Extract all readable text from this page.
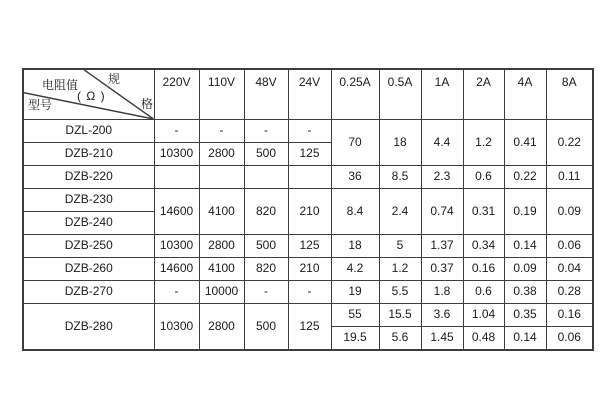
规
格
电阻值
( Ω )
型号	220V	110V	48V	24V	0.25A	0.5A	1A	2A	4A	8A
DZL-200	-	-	-	-	70	18	4.4	1.2	0.41	0.22
DZB-210	10300	2800	500	125						
DZB-220					36	8.5	2.3	0.6	0.22	0.11
DZB-230	14600	4100	820	210	8.4	2.4	0.74	0.31	0.19	0.09
DZB-240										
DZB-250	10300	2800	500	125	18	5	1.37	0.34	0.14	0.06
DZB-260	14600	4100	820	210	4.2	1.2	0.37	0.16	0.09	0.04
DZB-270	-	10000	-	-	19	5.5	1.8	0.6	0.38	0.28
DZB-280	10300	2800	500	125	55	15.5	3.6	1.04	0.35	0.16
					19.5	5.6	1.45	0.48	0.14	0.06
